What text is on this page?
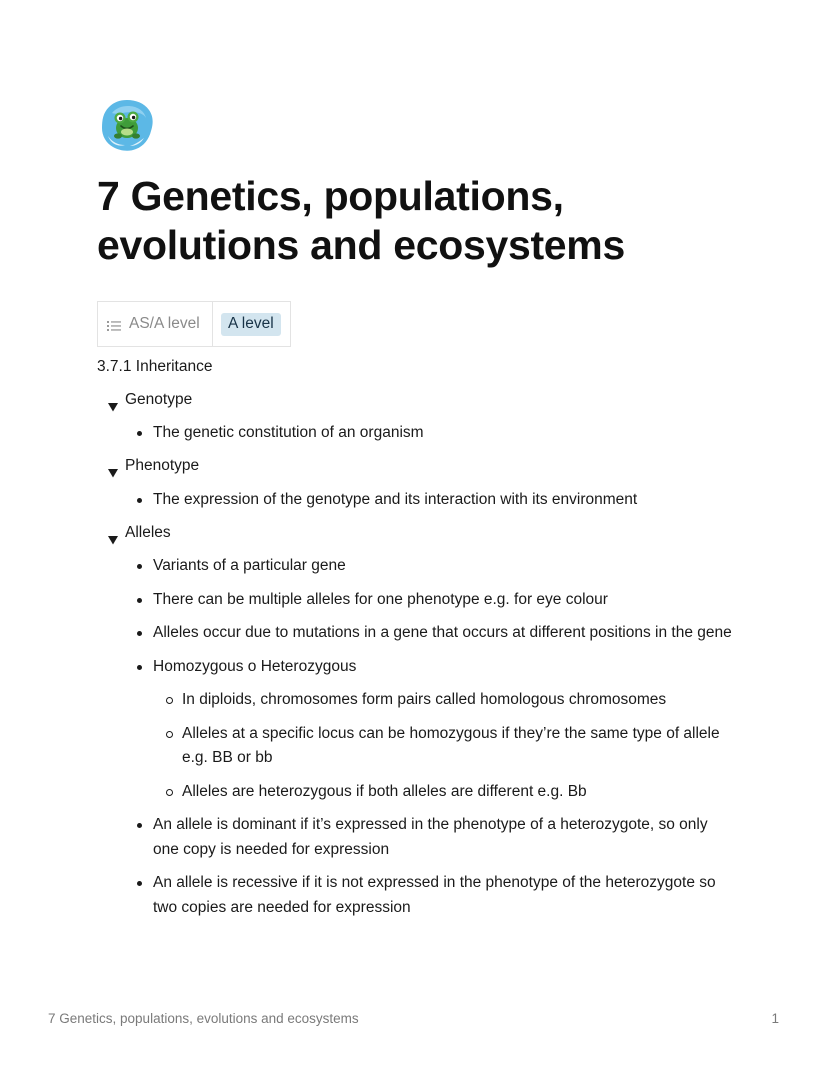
7 Genetics, populations, evolutions and ecosystems
AS/A level	A level

3.7.1 Inheritance

Genotype
The genetic constitution of an organism
Phenotype
The expression of the genotype and its interaction with its environment
Alleles
Variants of a particular gene
There can be multiple alleles for one phenotype e.g. for eye colour
Alleles occur due to mutations in a gene that occurs at different positions in the gene
Homozygous o Heterozygous
In diploids, chromosomes form pairs called homologous chromosomes
Alleles at a specific locus can be homozygous if they’re the same type of allele e.g. BB or bb
Alleles are heterozygous if both alleles are different e.g. Bb
An allele is dominant if it’s expressed in the phenotype of a heterozygote, so only one copy is needed for expression
An allele is recessive if it is not expressed in the phenotype of the heterozygote so two copies are needed for expression
7 Genetics, populations, evolutions and ecosystems	1
